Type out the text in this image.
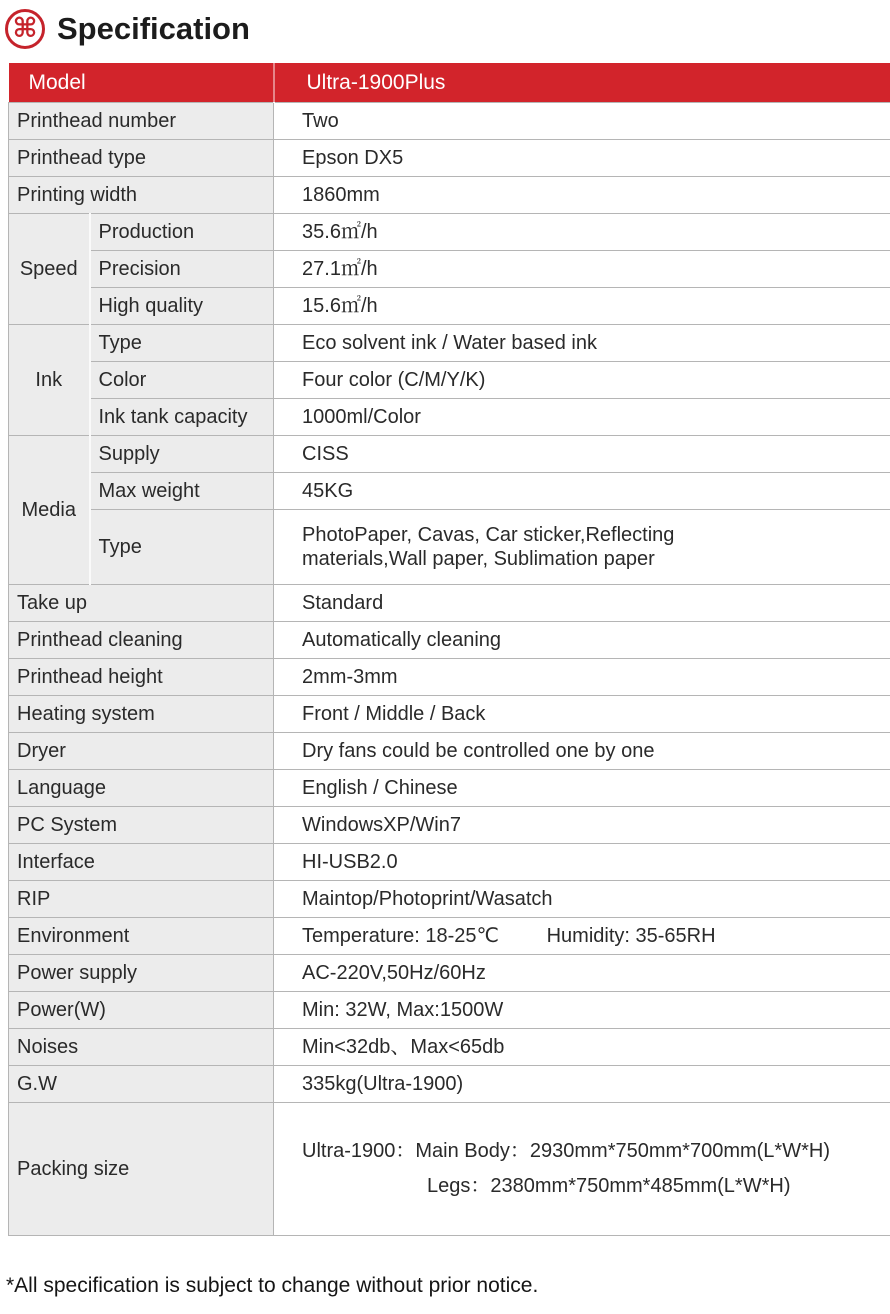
⌘ Specification
Model		Ultra-1900Plus
Printhead number		Two
Printhead type		Epson DX5
Printing width		1860mm
Speed	Production	35.6㎡/h
	Precision	27.1㎡/h
	High quality	15.6㎡/h
Ink	Type	Eco solvent ink / Water based ink
	Color	Four color (C/M/Y/K)
	Ink tank capacity	1000ml/Color
Media	Supply	CISS
	Max weight	45KG
	Type	PhotoPaper, Cavas, Car sticker,Reflecting
materials,Wall paper, Sublimation paper

Take up		Standard
Printhead cleaning		Automatically cleaning
Printhead height		2mm-3mm
Heating system		Front / Middle / Back
Dryer		Dry fans could be controlled one by one
Language		English / Chinese
PC System		WindowsXP/Win7
Interface		HI-USB2.0
RIP		Maintop/Photoprint/Wasatch
Environment		Temperature: 18-25℃ Humidity: 35-65RH
Power supply		AC-220V,50Hz/60Hz
Power(W)		Min: 32W, Max:1500W
Noises		Min<32db、Max<65db
G.W		335kg(Ultra-1900)
Packing size		Ultra-1900：Main Body：2930mm*750mm*700mm(L*W*H)
Legs：2380mm*750mm*485mm(L*W*H)
*All specification is subject to change without prior notice.
